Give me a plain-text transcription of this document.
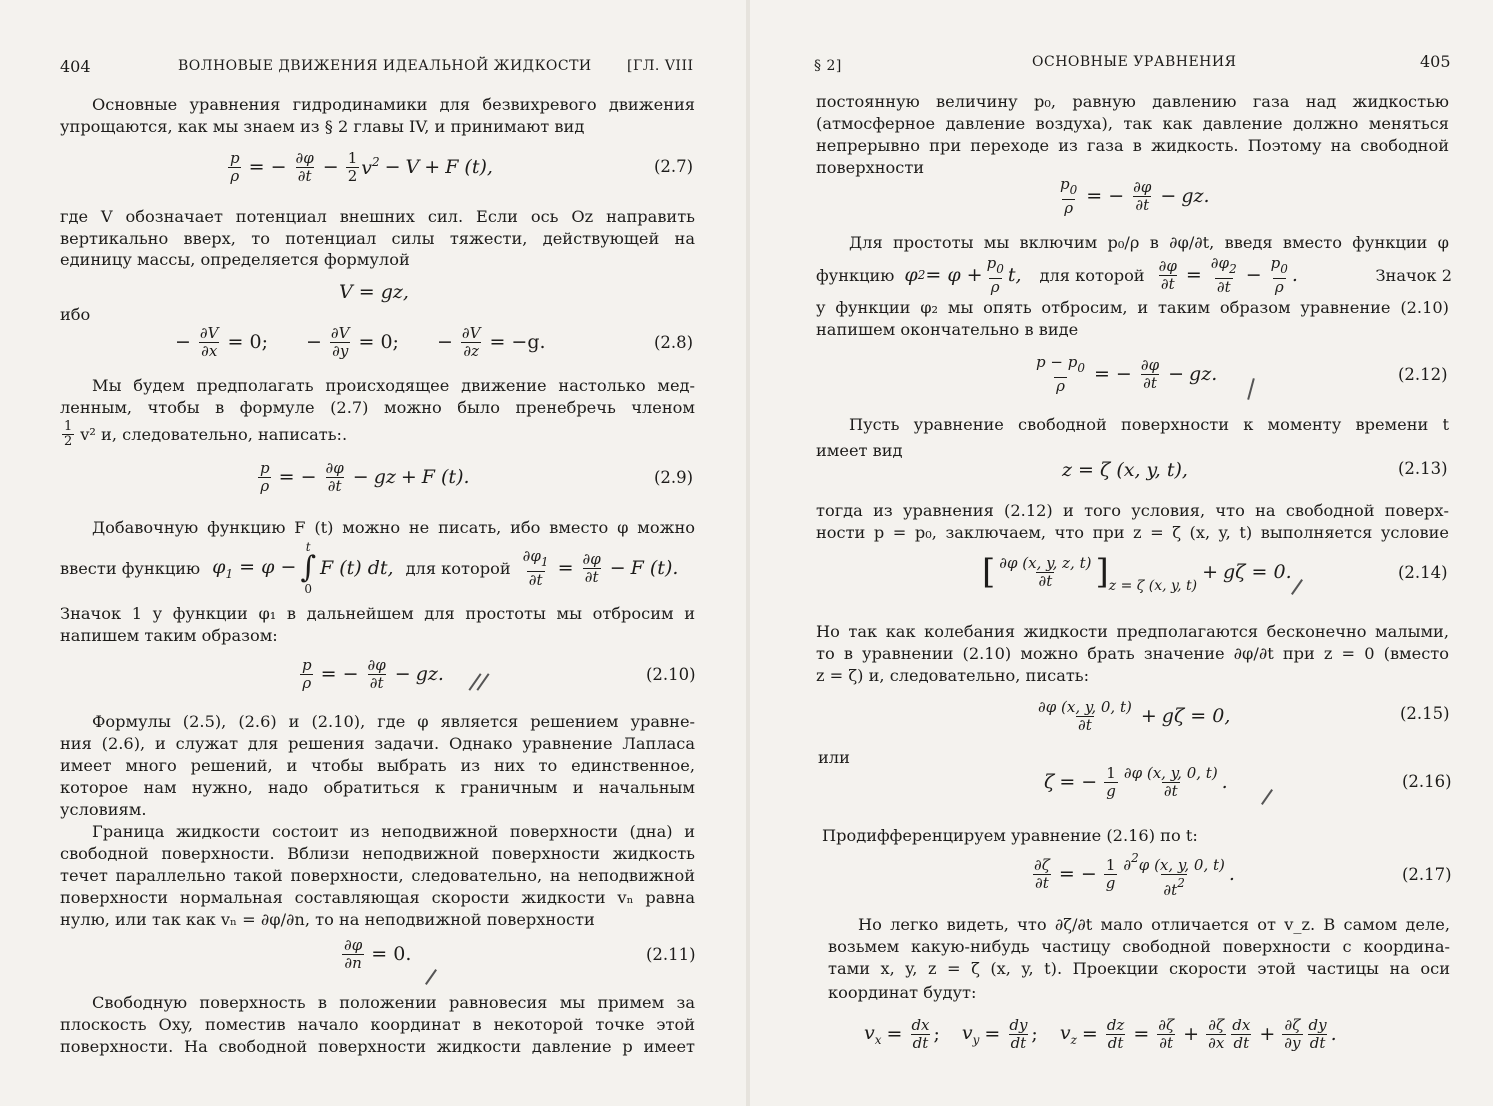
404	ВОЛНОВЫЕ ДВИЖЕНИЯ ИДЕАЛЬНОЙ ЖИДКОСТИ	[ГЛ. VIII
Основные уравнения гидродинамики для безвихревого движения
упрощаются, как мы знаем из § 2 главы IV, и принимают вид
$\frac{p}{\rho}$ = − $\frac{\partial\varphi}{\partial t} - \frac{1}{2} v^2 - V + F$ (t),	(2.7)
где V обозначает потенциал внешних сил. Если ось Oz направить
вертикально вверх, то потенциал силы тяжести, действующей на
единицу массы, определяется формулой
V = gz,
ибо
− $\frac{\partial V}{\partial x} = 0$; − $\frac{\partial V}{\partial y} = 0$; − $\frac{\partial V}{\partial z} = -g$.	(2.8)
Мы будем предполагать происходящее движение настолько мед-
ленным, чтобы в формуле (2.7) можно было пренебречь членом
$\frac{1}{2} v^2$ и, следовательно, написать:.
$\frac{p}{\rho}$ = − $\frac{\partial\varphi}{\partial t}$ − gz + F (t).	(2.9)
Добавочную функцию F (t) можно не писать, ибо вместо φ можно
ввести функцию $\varphi_1 = \varphi$ −
t
∫
0
F (t) dt, для которой $\frac{\partial\varphi_1}{\partial t} = \frac{\partial\varphi}{\partial t} - F$ (t).
Значок 1 у функции φ₁ в дальнейшем для простоты мы отбросим и
напишем таким образом:
$\frac{p}{\rho}$ = − $\frac{\partial\varphi}{\partial t}$ − gz.	(2.10)
Формулы (2.5), (2.6) и (2.10), где φ является решением уравне-
ния (2.6), и служат для решения задачи. Однако уравнение Лапласа
имеет много решений, и чтобы выбрать из них то единственное,
которое нам нужно, надо обратиться к граничным и начальным
условиям.
Граница жидкости состоит из неподвижной поверхности (дна) и
свободной поверхности. Вблизи неподвижной поверхности жидкость
течет параллельно такой поверхности, следовательно, на неподвижной
поверхности нормальная составляющая скорости жидкости vₙ равна
нулю, или так как vₙ = ∂φ/∂n, то на неподвижной поверхности
$\frac{\partial\varphi}{\partial n} = 0$.	(2.11)
Свободную поверхность в положении равновесия мы примем за
плоскость Oxy, поместив начало координат в некоторой точке этой
поверхности. На свободной поверхности жидкости давление p имеет
§ 2]	ОСНОВНЫЕ УРАВНЕНИЯ	405
постоянную величину p₀, равную давлению газа над жидкостью
(атмосферное давление воздуха), так как давление должно меняться
непрерывно при переходе из газа в жидкость. Поэтому на свободной
поверхности
$\frac{p_0}{\rho}$ = − $\frac{\partial\varphi}{\partial t}$ − gz.
Для простоты мы включим p₀/ρ в ∂φ/∂t, введя вместо функции φ
функцию φ $2 = \varphi + \frac{p_0}{\rho} t$, для которой $\frac{\partial\varphi}{\partial t} = \frac{\partial\varphi_2}{\partial t} - \frac{p_0}{\rho}$ .	Значок 2
у функции φ₂ мы опять отбросим, и таким образом уравнение (2.10)
напишем окончательно в виде
$\frac{p - p_0}{\rho}$ = − $\frac{\partial\varphi}{\partial t}$ − gz.	(2.12)
Пусть уравнение свободной поверхности к моменту времени t
имеет вид
z = ζ (x, y, t),	(2.13)
тогда из уравнения (2.12) и того условия, что на свободной поверх-
ности p = p₀, заключаем, что при z = ζ (x, y, t) выполняется условие
[ $\frac{\partial\varphi (x, y, z, t)}{\partial t}$ ] z = ζ (x, y, t)
+ gζ = 0.	(2.14)
Но так как колебания жидкости предполагаются бесконечно малыми,
то в уравнении (2.10) можно брать значение ∂φ/∂t при z = 0 (вместо
z = ζ) и, следовательно, писать:
$\frac{\partial\varphi (x, y, 0, t)}{\partial t} + g\zeta = 0$,	(2.15)
или
ζ = − $\frac{1}{g} \frac{\partial\varphi (x, y, 0, t)}{\partial t}$ .	(2.16)
Продифференцируем уравнение (2.16) по t:
$\frac{\partial\zeta}{\partial t}$ = − $\frac{1}{g} \frac{\partial^2\varphi (x, y, 0, t)}{\partial t^2}$ .	(2.17)
Но легко видеть, что ∂ζ/∂t мало отличается от v_z. В самом деле,
возьмем какую-нибудь частицу свободной поверхности с координа-
тами x, y, z = ζ (x, y, t). Проекции скорости этой частицы на оси
координат будут:
$v_x = \frac{dx}{dt}$ ; $v_y = \frac{dy}{dt}$ ; $v_z = \frac{dz}{dt} = \frac{\partial\zeta}{\partial t} + \frac{\partial\zeta}{\partial x} \frac{dx}{dt} + \frac{\partial\zeta}{\partial y} \frac{dy}{dt}$ .
